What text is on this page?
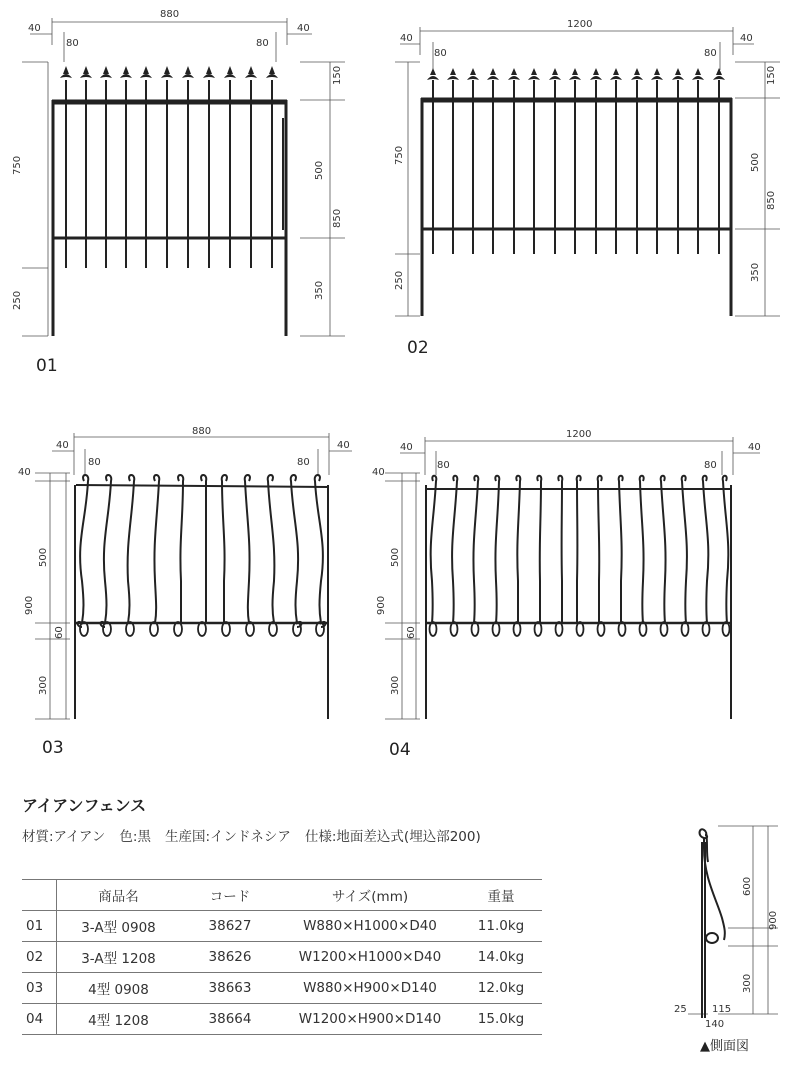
880
40	40
80	80
750
250
150
500
850
350
01
1200
40	40
80	80
750
250
150
500
850
350
02
880
40	40
80	80
40
500
900
60
300
03
1200
40	40
80	80
40
500
900
60
300
04
アイアンフェンス
材質:アイアン 色:黒 生産国:インドネシア 仕様:地面差込式(埋込部200)
	商品名	コード	サイズ(mm)	重量
01	3-A型 0908	38627	W880×H1000×D40	11.0kg
02	3-A型 1208	38626	W1200×H1000×D40	14.0kg
03	4型 0908	38663	W880×H900×D140	12.0kg
04	4型 1208	38664	W1200×H900×D140	15.0kg
600
900
300
25	115
140
▲側面図
